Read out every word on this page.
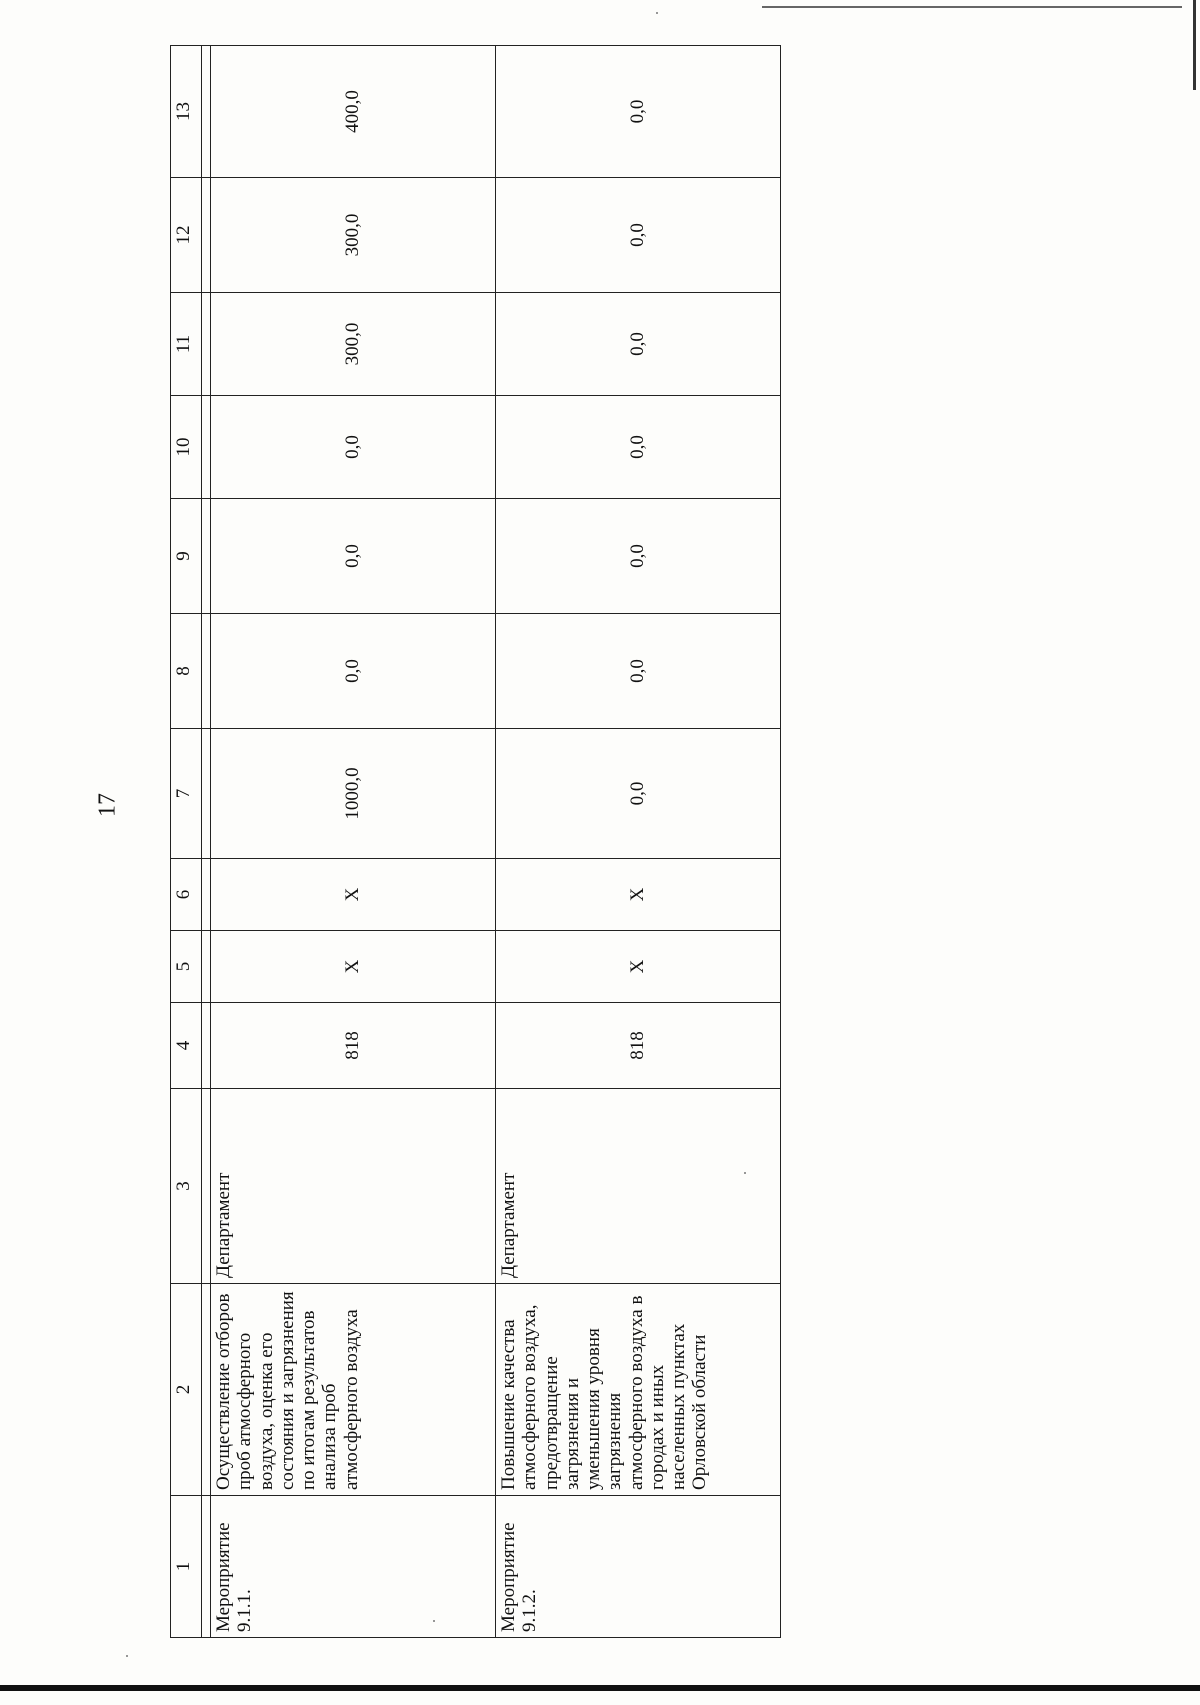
17
1	2	3	4	5	6	7	8	9	10	11	12	13

Мероприятие 9.1.1.	Осуществление отборов проб атмосферного воздуха, оценка его состояния и загрязнения по итогам результатов анализа проб атмосферного воздуха	Департамент	818	X	X	1000,0	0,0	0,0	0,0	300,0	300,0	400,0
Мероприятие 9.1.2.	Повышение качества атмосферного воздуха, предотвращение загрязнения и уменьшения уровня загрязнения атмосферного воздуха в городах и иных населенных пунктах Орловской области	Департамент	818	X	X	0,0	0,0	0,0	0,0	0,0	0,0	0,0
